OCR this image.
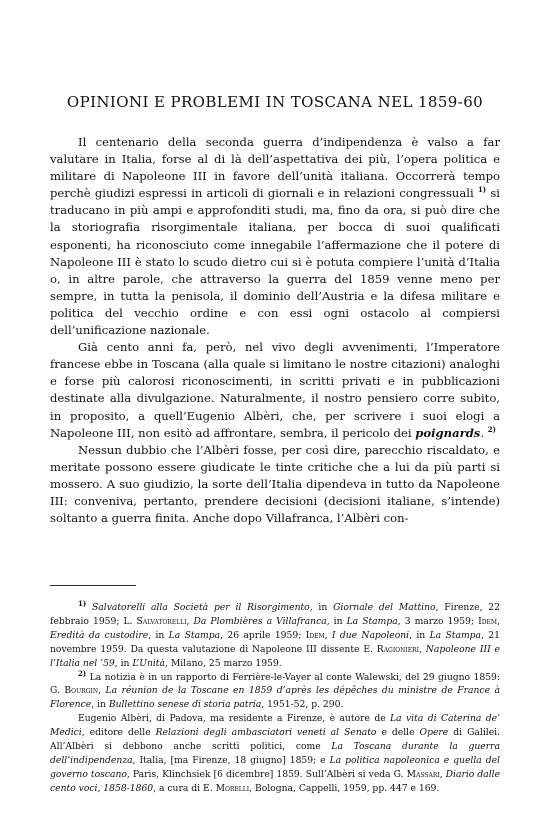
OPINIONI E PROBLEMI IN TOSCANA NEL 1859-60

Il centenario della seconda guerra d’indipendenza è valso a far valutare in Italia, forse al di là dell’aspettativa dei più, l’opera politica e militare di Napoleone III in favore dell’unità italiana. Occorrerà tempo perchè giudizi espressi in articoli di giornali e in relazioni congressuali $^{1)}$ si traducano in più ampi e approfonditi studi, ma, fino da ora, si può dire che la storiografia risorgimentale italiana, per bocca di suoi qualificati esponenti, ha riconosciuto come innegabile l’affermazione che il potere di Napoleone III è stato lo scudo dietro cui si è potuta compiere l’unità d’Italia o, in altre parole, che attraverso la guerra del 1859 venne meno per sempre, in tutta la penisola, il dominio dell’Austria e la difesa militare e politica del vecchio ordine e con essi ogni ostacolo al compiersi dell’unificazione nazionale.

Già cento anni fa, però, nel vivo degli avvenimenti, l’Imperatore francese ebbe in Toscana (alla quale si limitano le nostre citazioni) analoghi e forse più calorosi riconoscimenti, in scritti privati e in pubblicazioni destinate alla divulgazione. Naturalmente, il nostro pensiero corre subito, in proposito, a quell’Eugenio Albèri, che, per scrivere i suoi elogi a Napoleone III, non esitò ad affrontare, sembra, il pericolo dei poignards. $^{2)}$

Nessun dubbio che l’Albèri fosse, per così dire, parecchio riscaldato, e meritate possono essere giudicate le tinte critiche che a lui da più parti si mossero. A suo giudizio, la sorte dell’Italia dipendeva in tutto da Napoleone III: conveniva, pertanto, prendere decisioni (decisioni italiane, s’intende) soltanto a guerra finita. Anche dopo Villafranca, l’Albèri con-

$^{1)}$ Salvatorelli alla Società per il Risorgimento, in Giornale del Mattino, Firenze, 22 febbraio 1959; L. Salvatorelli, Da Plombières a Villafranca, in La Stampa, 3 marzo 1959; Idem, Eredità da custodire, in La Stampa, 26 aprile 1959; Idem, I due Napoleoni, in La Stampa, 21 novembre 1959. Da questa valutazione di Napoleone III dissente E. Ragionieri, Napoleone III e l’Italia nel ’59, in L’Unità, Milano, 25 marzo 1959.

$^{2)}$ La notizia è in un rapporto di Ferrière-le-Vayer al conte Walewski, del 29 giugno 1859: G. Bourgin, La réunion de la Toscane en 1859 d’après les dépêches du ministre de France à Florence, in Bullettino senese di storia patria, 1951-52, p. 290.

Eugenio Albèri, di Padova, ma residente a Firenze, è autore de La vita di Caterina de’ Medici, editore delle Relazioni degli ambasciatori veneti al Senato e delle Opere di Galilei. All’Albèri si debbono anche scritti politici, come La Toscana durante la guerra dell’indipendenza, Italia, [ma Firenze, 18 giugno] 1859; e La politica napoleonica e quella del governo toscano, Paris, Klinchsiek [6 dicembre] 1859. Sull’Albèri si veda G. Massari, Diario dalle cento voci, 1858-1860, a cura di E. Morelli, Bologna, Cappelli, 1959, pp. 447 e 169.
